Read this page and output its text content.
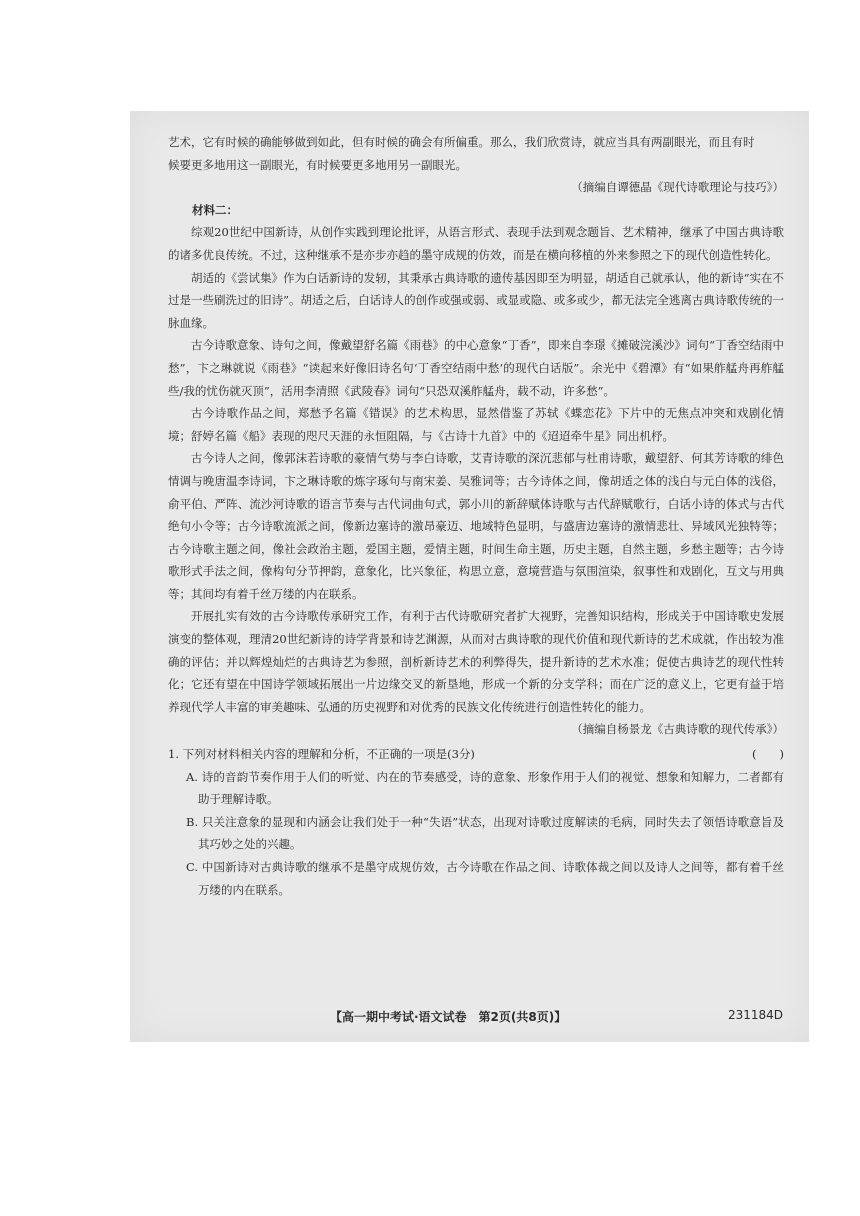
艺术，它有时候的确能够做到如此，但有时候的确会有所偏重。那么，我们欣赏诗，就应当具有两副眼光，而且有时
候要更多地用这一副眼光，有时候要更多地用另一副眼光。

（摘编自谭德晶《现代诗歌理论与技巧》）

材料二：

综观20世纪中国新诗，从创作实践到理论批评，从语言形式、表现手法到观念题旨、艺术精神，继承了中国古典诗歌的诸多优良传统。不过，这种继承不是亦步亦趋的墨守成规的仿效，而是在横向移植的外来参照之下的现代创造性转化。

胡适的《尝试集》作为白话新诗的发轫，其秉承古典诗歌的遗传基因即至为明显，胡适自己就承认，他的新诗“实在不过是一些刷洗过的旧诗”。胡适之后，白话诗人的创作或强或弱、或显或隐、或多或少，都无法完全逃离古典诗歌传统的一脉血缘。

古今诗歌意象、诗句之间，像戴望舒名篇《雨巷》的中心意象“丁香”，即来自李璟《摊破浣溪沙》词句“丁香空结雨中愁”，卞之琳就说《雨巷》“读起来好像旧诗名句‘丁香空结雨中愁’的现代白话版”。余光中《碧潭》有“如果舴艋舟再舴艋些/我的忧伤就灭顶”，活用李清照《武陵春》词句“只恐双溪舴艋舟，载不动，许多愁”。

古今诗歌作品之间，郑愁予名篇《错误》的艺术构思，显然借鉴了苏轼《蝶恋花》下片中的无焦点冲突和戏剧化情境；舒婷名篇《船》表现的咫尺天涯的永恒阻隔，与《古诗十九首》中的《迢迢牵牛星》同出机杼。

古今诗人之间，像郭沫若诗歌的豪情气势与李白诗歌，艾青诗歌的深沉悲郁与杜甫诗歌，戴望舒、何其芳诗歌的绯色情调与晚唐温李诗词，卞之琳诗歌的炼字琢句与南宋姜、吴雅词等；古今诗体之间，像胡适之体的浅白与元白体的浅俗，俞平伯、严阵、流沙河诗歌的语言节奏与古代词曲句式，郭小川的新辞赋体诗歌与古代辞赋歌行，白话小诗的体式与古代绝句小令等；古今诗歌流派之间，像新边塞诗的激昂豪迈、地域特色显明，与盛唐边塞诗的激情悲壮、异域风光独特等；古今诗歌主题之间，像社会政治主题，爱国主题，爱情主题，时间生命主题，历史主题，自然主题，乡愁主题等；古今诗歌形式手法之间，像构句分节押韵，意象化，比兴象征，构思立意，意境营造与氛围渲染，叙事性和戏剧化，互文与用典等；其间均有着千丝万缕的内在联系。

开展扎实有效的古今诗歌传承研究工作，有利于古代诗歌研究者扩大视野，完善知识结构，形成关于中国诗歌史发展演变的整体观，理清20世纪新诗的诗学背景和诗艺渊源，从而对古典诗歌的现代价值和现代新诗的艺术成就，作出较为准确的评估；并以辉煌灿烂的古典诗艺为参照，剖析新诗艺术的利弊得失，提升新诗的艺术水准；促使古典诗艺的现代性转化；它还有望在中国诗学领域拓展出一片边缘交叉的新垦地，形成一个新的分支学科；而在广泛的意义上，它更有益于培养现代学人丰富的审美趣味、弘通的历史视野和对优秀的民族文化传统进行创造性转化的能力。

（摘编自杨景龙《古典诗歌的现代传承》）

1. 下列对材料相关内容的理解和分析，不正确的一项是(3分)	(　　)

A. 诗的音韵节奏作用于人们的听觉、内在的节奏感受，诗的意象、形象作用于人们的视觉、想象和知解力，二者都有助于理解诗歌。

B. 只关注意象的显现和内涵会让我们处于一种“失语”状态，出现对诗歌过度解读的毛病，同时失去了领悟诗歌意旨及其巧妙之处的兴趣。

C. 中国新诗对古典诗歌的继承不是墨守成规仿效，古今诗歌在作品之间、诗歌体裁之间以及诗人之间等，都有着千丝万缕的内在联系。

【高一期中考试·语文试卷　第2页(共8页)】	231184D
